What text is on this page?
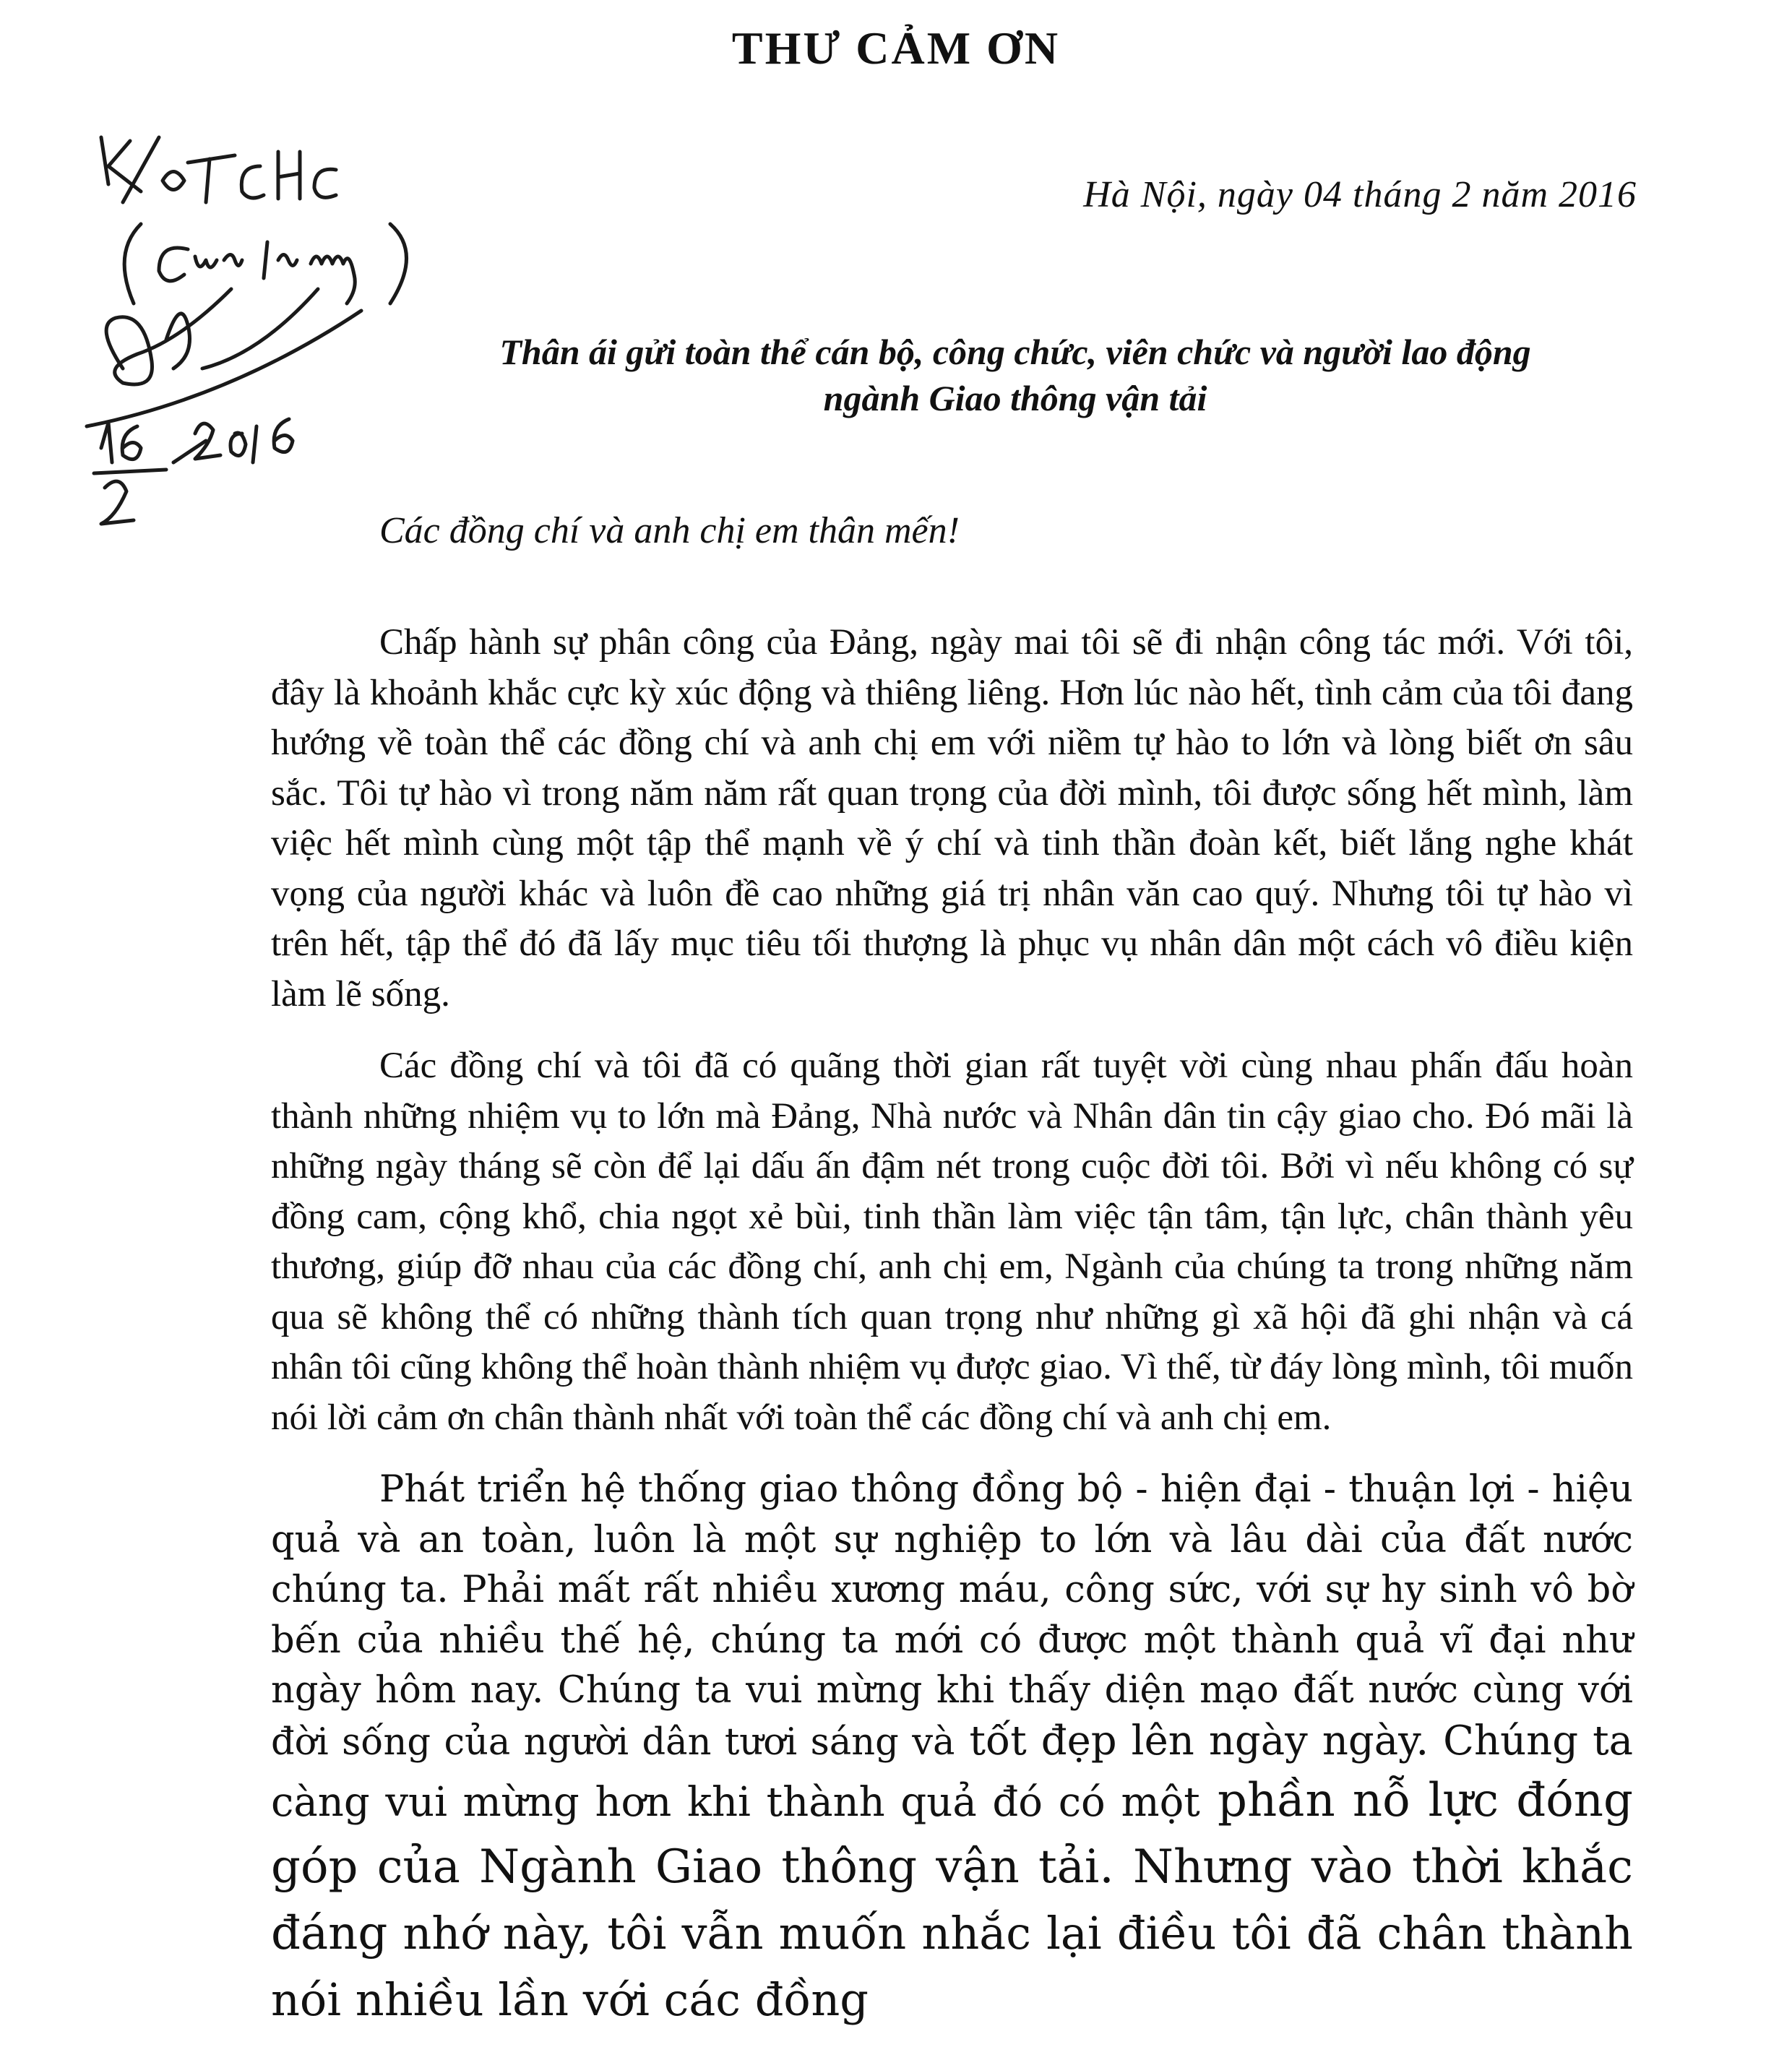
THƯ CẢM ƠN

Hà Nội, ngày 04 tháng 2 năm 2016

Thân ái gửi toàn thể cán bộ, công chức, viên chức và người lao động
ngành Giao thông vận tải

Các đồng chí và anh chị em thân mến!

Chấp hành sự phân công của Đảng, ngày mai tôi sẽ đi nhận công tác mới. Với tôi, đây là khoảnh khắc cực kỳ xúc động và thiêng liêng. Hơn lúc nào hết, tình cảm của tôi đang hướng về toàn thể các đồng chí và anh chị em với niềm tự hào to lớn và lòng biết ơn sâu sắc. Tôi tự hào vì trong năm năm rất quan trọng của đời mình, tôi được sống hết mình, làm việc hết mình cùng một tập thể mạnh về ý chí và tinh thần đoàn kết, biết lắng nghe khát vọng của người khác và luôn đề cao những giá trị nhân văn cao quý. Nhưng tôi tự hào vì trên hết, tập thể đó đã lấy mục tiêu tối thượng là phục vụ nhân dân một cách vô điều kiện làm lẽ sống.

Các đồng chí và tôi đã có quãng thời gian rất tuyệt vời cùng nhau phấn đấu hoàn thành những nhiệm vụ to lớn mà Đảng, Nhà nước và Nhân dân tin cậy giao cho. Đó mãi là những ngày tháng sẽ còn để lại dấu ấn đậm nét trong cuộc đời tôi. Bởi vì nếu không có sự đồng cam, cộng khổ, chia ngọt xẻ bùi, tinh thần làm việc tận tâm, tận lực, chân thành yêu thương, giúp đỡ nhau của các đồng chí, anh chị em, Ngành của chúng ta trong những năm qua sẽ không thể có những thành tích quan trọng như những gì xã hội đã ghi nhận và cá nhân tôi cũng không thể hoàn thành nhiệm vụ được giao. Vì thế, từ đáy lòng mình, tôi muốn nói lời cảm ơn chân thành nhất với toàn thể các đồng chí và anh chị em.

Phát triển hệ thống giao thông đồng bộ - hiện đại - thuận lợi - hiệu quả và an toàn, luôn là một sự nghiệp to lớn và lâu dài của đất nước chúng ta. Phải mất rất nhiều xương máu, công sức, với sự hy sinh vô bờ bến của nhiều thế hệ, chúng ta mới có được một thành quả vĩ đại như ngày hôm nay. Chúng ta vui mừng khi thấy diện mạo đất nước cùng với đời sống của người dân tươi sáng và tốt đẹp lên ngày ngày. Chúng ta càng vui mừng hơn khi thành quả đó có một phần nỗ lực đóng góp của Ngành Giao thông vận tải. Nhưng vào thời khắc đáng nhớ này, tôi vẫn muốn nhắc lại điều tôi đã chân thành nói nhiều lần với các đồng
